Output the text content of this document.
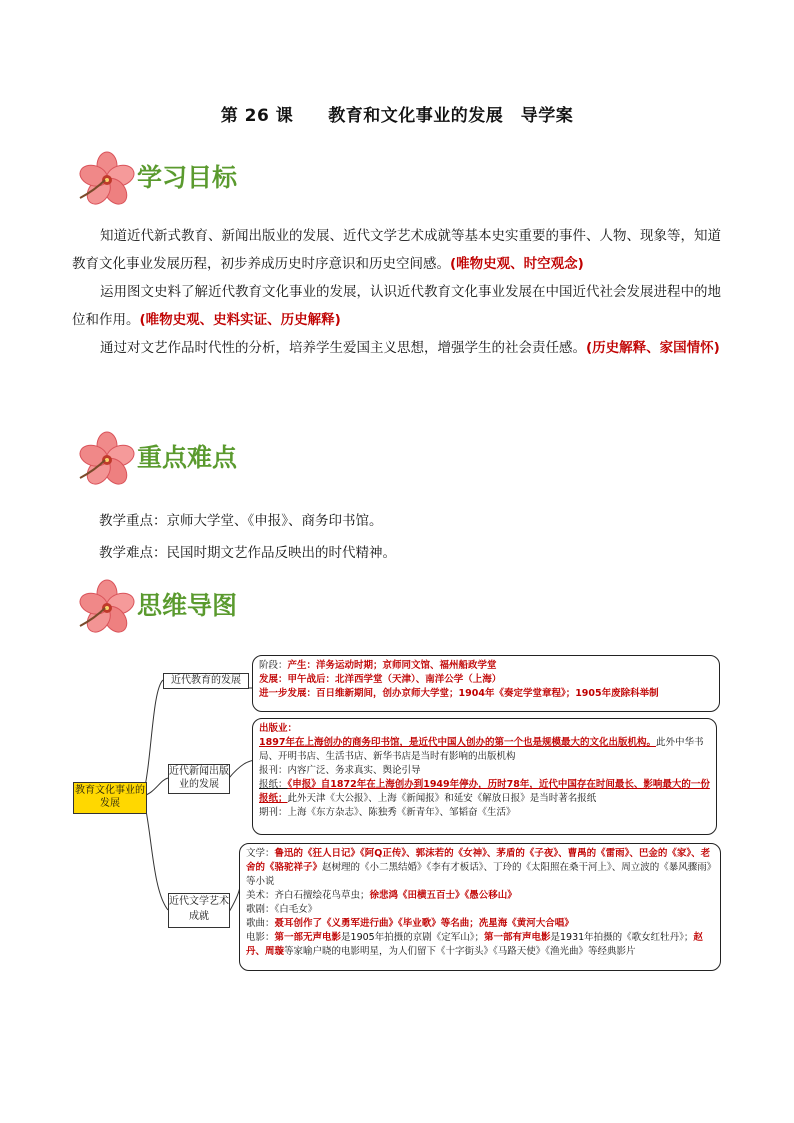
第 26 课　　教育和文化事业的发展　导学案
学习目标

知道近代新式教育、新闻出版业的发展、近代文学艺术成就等基本史实重要的事件、人物、现象等，知道教育文化事业发展历程，初步养成历史时序意识和历史空间感。(唯物史观、时空观念)

运用图文史料了解近代教育文化事业的发展，认识近代教育文化事业发展在中国近代社会发展进程中的地位和作用。(唯物史观、史料实证、历史解释)

通过对文艺作品时代性的分析，培养学生爱国主义思想，增强学生的社会责任感。(历史解释、家国情怀)

重点难点
教学重点：京师大学堂、《申报》、商务印书馆。
教学难点：民国时期文艺作品反映出的时代精神。
思维导图
教育文化事业的发展
近代教育的发展
近代新闻出版业的发展
近代文学艺术成就
阶段：产生：洋务运动时期；京师同文馆、福州船政学堂
发展：甲午战后：北洋西学堂（天津）、南洋公学（上海）
进一步发展：百日维新期间，创办京师大学堂；1904年《奏定学堂章程》；1905年废除科举制
出版业：
1897年在上海创办的商务印书馆，是近代中国人创办的第一个也是规模最大的文化出版机构。此外中华书局、开明书店、生活书店、新华书店是当时有影响的出版机构
报刊：内容广泛、务求真实、舆论引导
报纸：《申报》自1872年在上海创办到1949年停办，历时78年，近代中国存在时间最长、影响最大的一份报纸；此外天津《大公报》、上海《新闻报》和延安《解放日报》是当时著名报纸
期刊：上海《东方杂志》、陈独秀《新青年》、邹韬奋《生活》
文学：鲁迅的《狂人日记》《阿Q正传》、郭沫若的《女神》、茅盾的《子夜》、曹禺的《雷雨》、巴金的《家》、老舍的《骆驼祥子》赵树理的《小二黑结婚》《李有才板话》、丁玲的《太阳照在桑干河上》、周立波的《暴风骤雨》等小说
美术：齐白石擅绘花鸟草虫；徐悲鸿《田横五百士》《愚公移山》
歌剧：《白毛女》
歌曲：聂耳创作了《义勇军进行曲》《毕业歌》等名曲；冼星海《黄河大合唱》
电影：第一部无声电影是1905年拍摄的京剧《定军山》；第一部有声电影是1931年拍摄的《歌女红牡丹》；赵丹、周璇等家喻户晓的电影明星，为人们留下《十字街头》《马路天使》《渔光曲》等经典影片
